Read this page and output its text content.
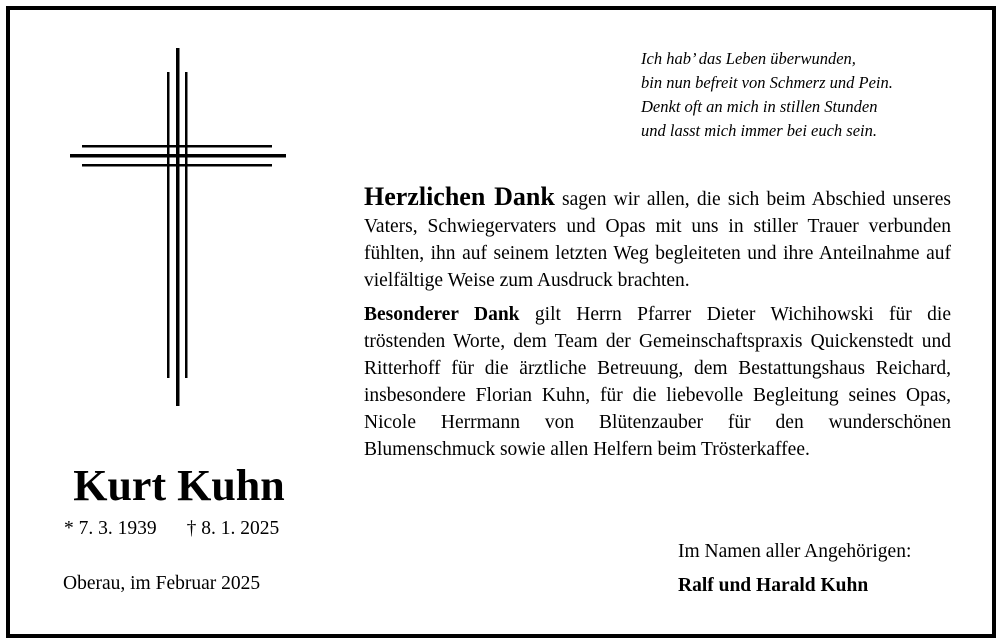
Ich hab’ das Leben überwunden,
bin nun befreit von Schmerz und Pein.
Denkt oft an mich in stillen Stunden
und lasst mich immer bei euch sein.

Herzlichen Dank sagen wir allen, die sich beim Abschied unseres Vaters, Schwiegervaters und Opas mit uns in stiller Trauer verbunden fühlten, ihn auf seinem letzten Weg begleiteten und ihre Anteilnahme auf vielfältige Weise zum Ausdruck brachten.

Besonderer Dank gilt Herrn Pfarrer Dieter Wichihowski für die tröstenden Worte, dem Team der Gemeinschaftspraxis Quickenstedt und Ritterhoff für die ärztliche Betreuung, dem Bestattungshaus Reichard, insbesondere Florian Kuhn, für die liebevolle Begleitung seines Opas, Nicole Herrmann von Blütenzauber für den wunderschönen Blumenschmuck sowie allen Helfern beim Trösterkaffee.

Kurt Kuhn
* 7. 3. 1939 † 8. 1. 2025
Oberau, im Februar 2025
Im Namen aller Angehörigen:
Ralf und Harald Kuhn
